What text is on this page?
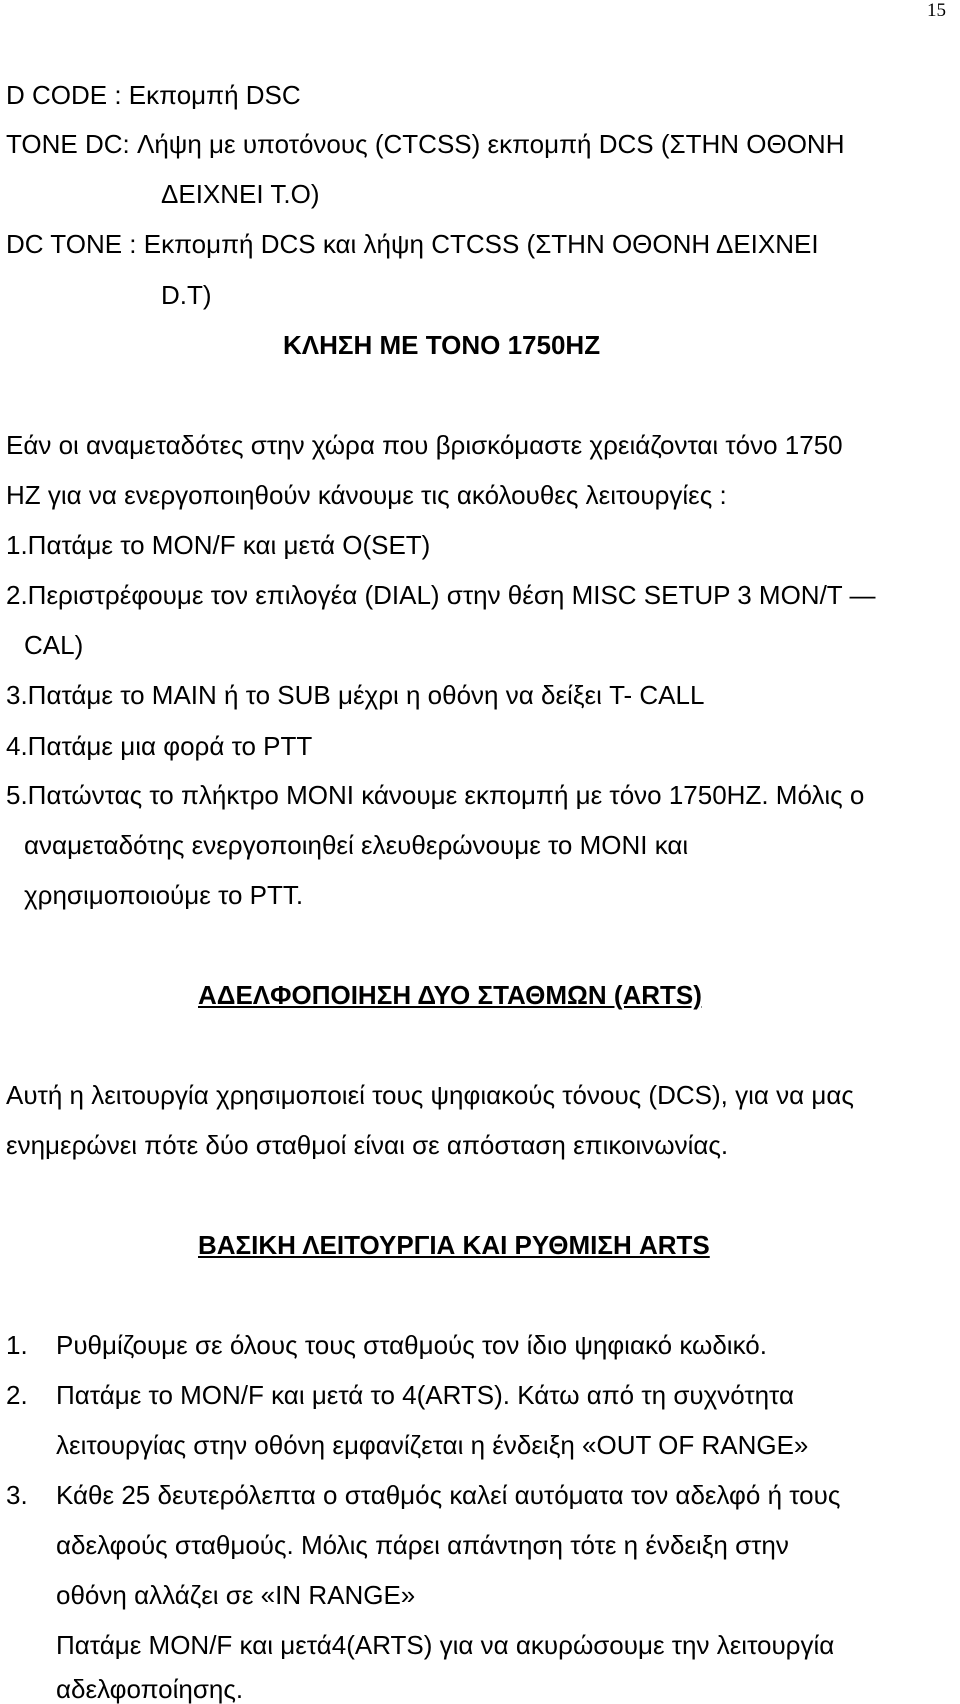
15
D CODE : Εκπομπή DSC
TONE DC: Λήψη με υποτόνους (CTCSS) εκπομπή DCS (ΣΤΗΝ ΟΘΟΝΗ
ΔΕΙΧΝΕΙ Τ.Ο)
DC TONE : Εκπομπή DCS και λήψη CTCSS (ΣΤΗΝ ΟΘΟΝΗ ΔΕΙΧΝΕΙ
D.T)
ΚΛΗΣΗ ΜΕ ΤΟΝΟ 1750HZ
Εάν οι αναμεταδότες στην χώρα που βρισκόμαστε χρειάζονται τόνο 1750
HZ για να ενεργοποιηθούν κάνουμε τις ακόλουθες λειτουργίες :
1.Πατάμε το MON/F και μετά O(SET)
2.Περιστρέφουμε τον επιλογέα (DIAL) στην θέση MISC SETUP 3 MON/T —
CAL)
3.Πατάμε το MAIN ή το SUB μέχρι η οθόνη να δείξει T- CALL
4.Πατάμε μια φορά το PTT
5.Πατώντας το πλήκτρο MONI κάνουμε εκπομπή με τόνο 1750HZ. Μόλις ο
αναμεταδότης ενεργοποιηθεί ελευθερώνουμε το MONI και
χρησιμοποιούμε το PTT.
ΑΔΕΛΦΟΠΟΙΗΣΗ ΔΥΟ ΣΤΑΘΜΩΝ (ARTS)
Αυτή η λειτουργία χρησιμοποιεί τους ψηφιακούς τόνους (DCS), για να μας
ενημερώνει πότε δύο σταθμοί είναι σε απόσταση επικοινωνίας.
ΒΑΣΙΚΗ ΛΕΙΤΟΥΡΓΙΑ ΚΑΙ ΡΥΘΜΙΣΗ ARTS
1. Ρυθμίζουμε σε όλους τους σταθμούς τον ίδιο ψηφιακό κωδικό.
2. Πατάμε το MON/F και μετά το 4(ARTS). Κάτω από τη συχνότητα
λειτουργίας στην οθόνη εμφανίζεται η ένδειξη «OUT OF RANGE»
3. Κάθε 25 δευτερόλεπτα ο σταθμός καλεί αυτόματα τον αδελφό ή τους
αδελφούς σταθμούς. Μόλις πάρει απάντηση τότε η ένδειξη στην
οθόνη αλλάζει σε «IN RANGE»
Πατάμε MON/F και μετά4(ARTS) για να ακυρώσουμε την λειτουργία
αδελφοποίησης.
